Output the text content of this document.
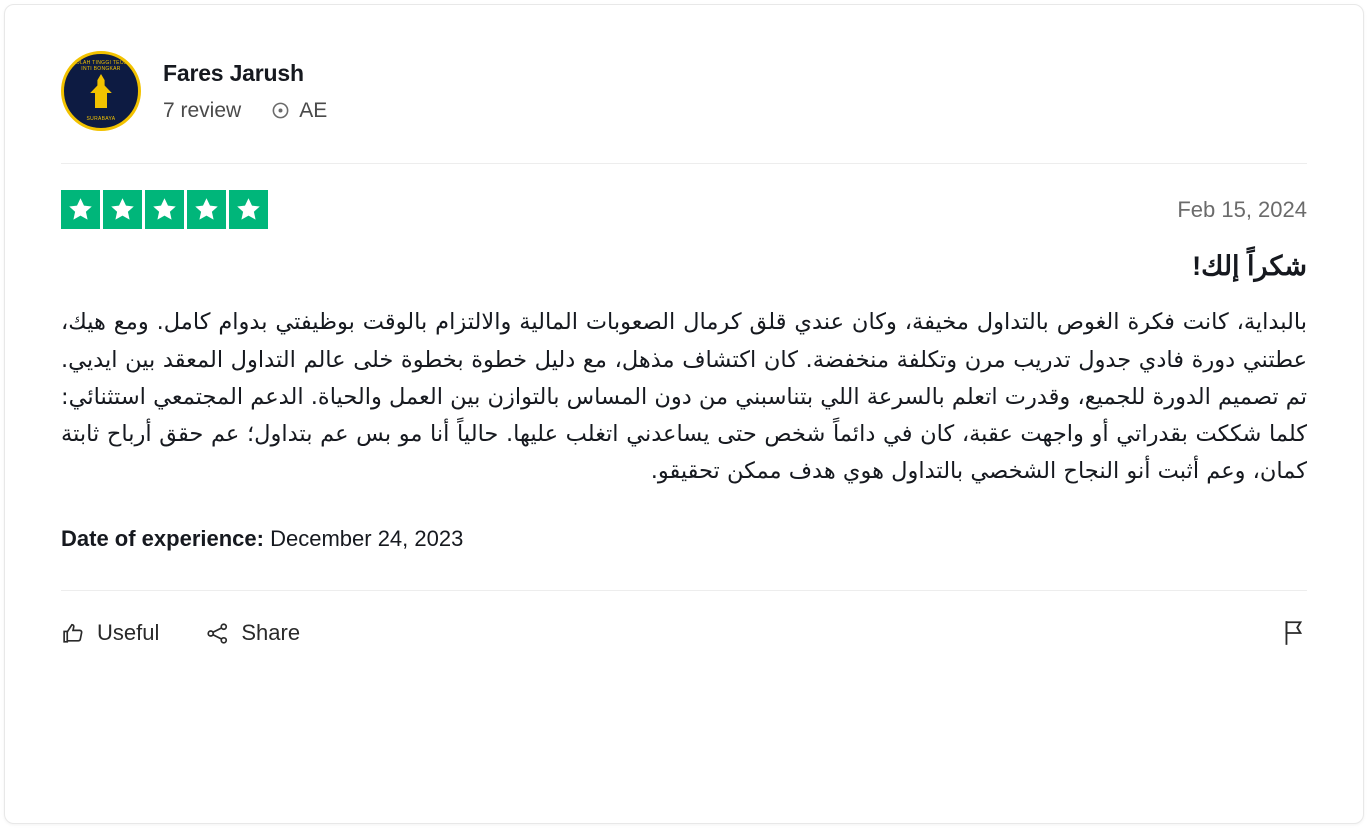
SEKOLAH TINGGI TEOLOGI INTI BONGKAR
SURABAYA
Fares Jarush
7 review	AE
Feb 15, 2024
شكراً إلك!

بالبداية، كانت فكرة الغوص بالتداول مخيفة، وكان عندي قلق كرمال الصعوبات المالية والالتزام بالوقت بوظيفتي بدوام كامل. ومع هيك، عطتني دورة فادي جدول تدريب مرن وتكلفة منخفضة. كان اكتشاف مذهل، مع دليل خطوة بخطوة خلى عالم التداول المعقد بين ايديي. تم تصميم الدورة للجميع، وقدرت اتعلم بالسرعة اللي بتناسبني من دون المساس بالتوازن بين العمل والحياة. الدعم المجتمعي استثنائي: كلما شككت بقدراتي أو واجهت عقبة، كان في دائماً شخص حتى يساعدني اتغلب عليها. حالياً أنا مو بس عم بتداول؛ عم حقق أرباح ثابتة كمان، وعم أثبت أنو النجاح الشخصي بالتداول هوي هدف ممكن تحقيقو.

Date of experience: December 24, 2023
Useful	Share
